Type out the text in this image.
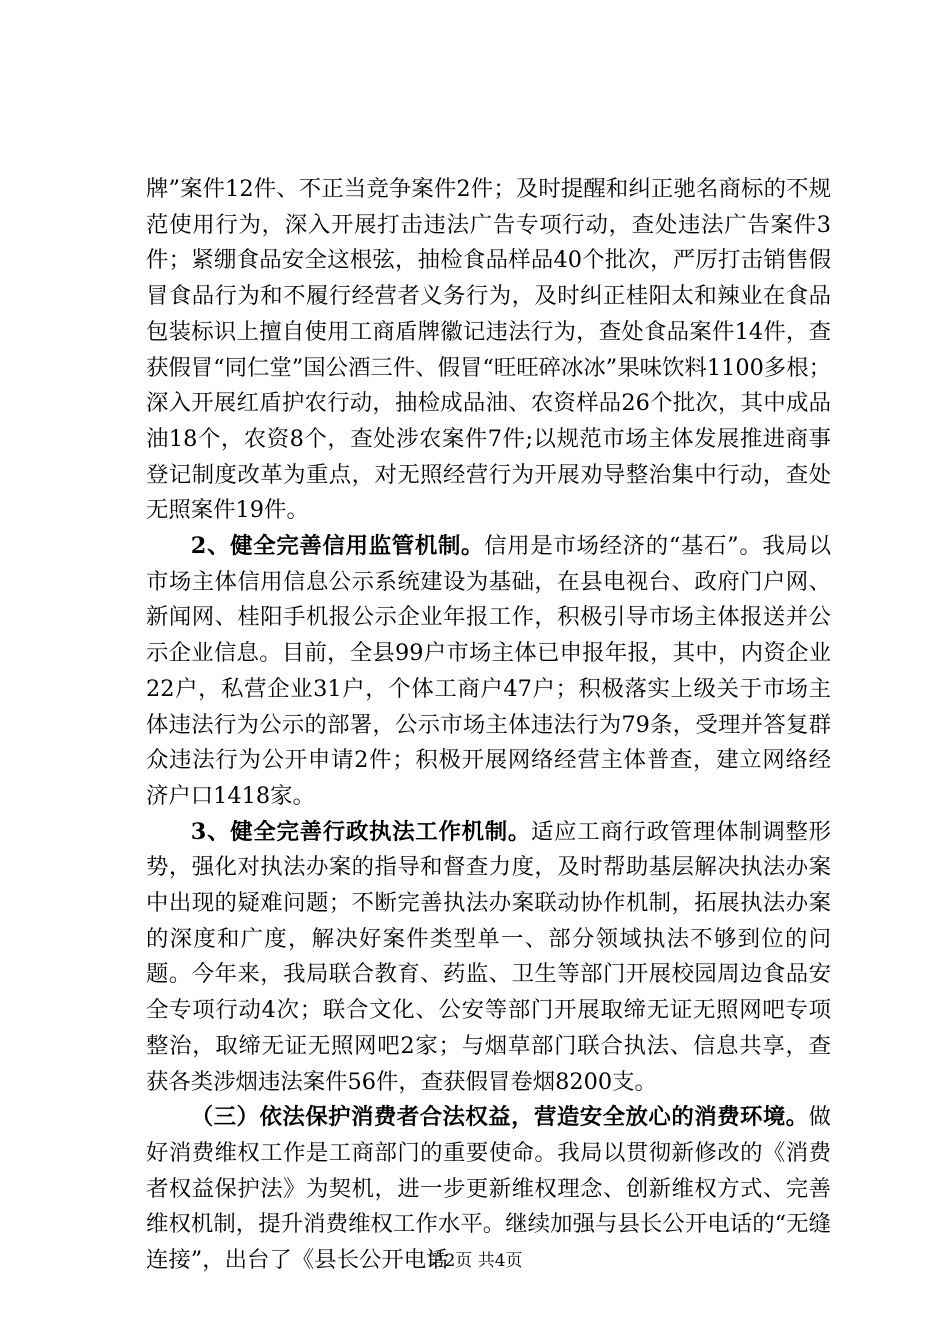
牌”案件12件、不正当竞争案件2件；及时提醒和纠正驰名商标的不规范使用行为，深入开展打击违法广告专项行动，查处违法广告案件3件；紧绷食品安全这根弦，抽检食品样品40个批次，严厉打击销售假冒食品行为和不履行经营者义务行为，及时纠正桂阳太和辣业在食品包装标识上擅自使用工商盾牌徽记违法行为，查处食品案件14件，查获假冒“同仁堂”国公酒三件、假冒“旺旺碎冰冰”果味饮料1100多根；深入开展红盾护农行动，抽检成品油、农资样品26个批次，其中成品油18个，农资8个，查处涉农案件7件;以规范市场主体发展推进商事登记制度改革为重点，对无照经营行为开展劝导整治集中行动，查处无照案件19件。

2、健全完善信用监管机制。信用是市场经济的“基石”。我局以市场主体信用信息公示系统建设为基础，在县电视台、政府门户网、新闻网、桂阳手机报公示企业年报工作，积极引导市场主体报送并公示企业信息。目前，全县99户市场主体已申报年报，其中，内资企业22户，私营企业31户，个体工商户47户；积极落实上级关于市场主体违法行为公示的部署，公示市场主体违法行为79条，受理并答复群众违法行为公开申请2件；积极开展网络经营主体普查，建立网络经济户口1418家。

3、健全完善行政执法工作机制。适应工商行政管理体制调整形势，强化对执法办案的指导和督查力度，及时帮助基层解决执法办案中出现的疑难问题；不断完善执法办案联动协作机制，拓展执法办案的深度和广度，解决好案件类型单一、部分领域执法不够到位的问题。今年来，我局联合教育、药监、卫生等部门开展校园周边食品安全专项行动4次；联合文化、公安等部门开展取缔无证无照网吧专项整治，取缔无证无照网吧2家；与烟草部门联合执法、信息共享，查获各类涉烟违法案件56件，查获假冒卷烟8200支。

（三）依法保护消费者合法权益，营造安全放心的消费环境。做好消费维权工作是工商部门的重要使命。我局以贯彻新修改的《消费者权益保护法》为契机，进一步更新维权理念、创新维权方式、完善维权机制，提升消费维权工作水平。继续加强与县长公开电话的“无缝连接”，出台了《县长公开电话

第2页 共4页
